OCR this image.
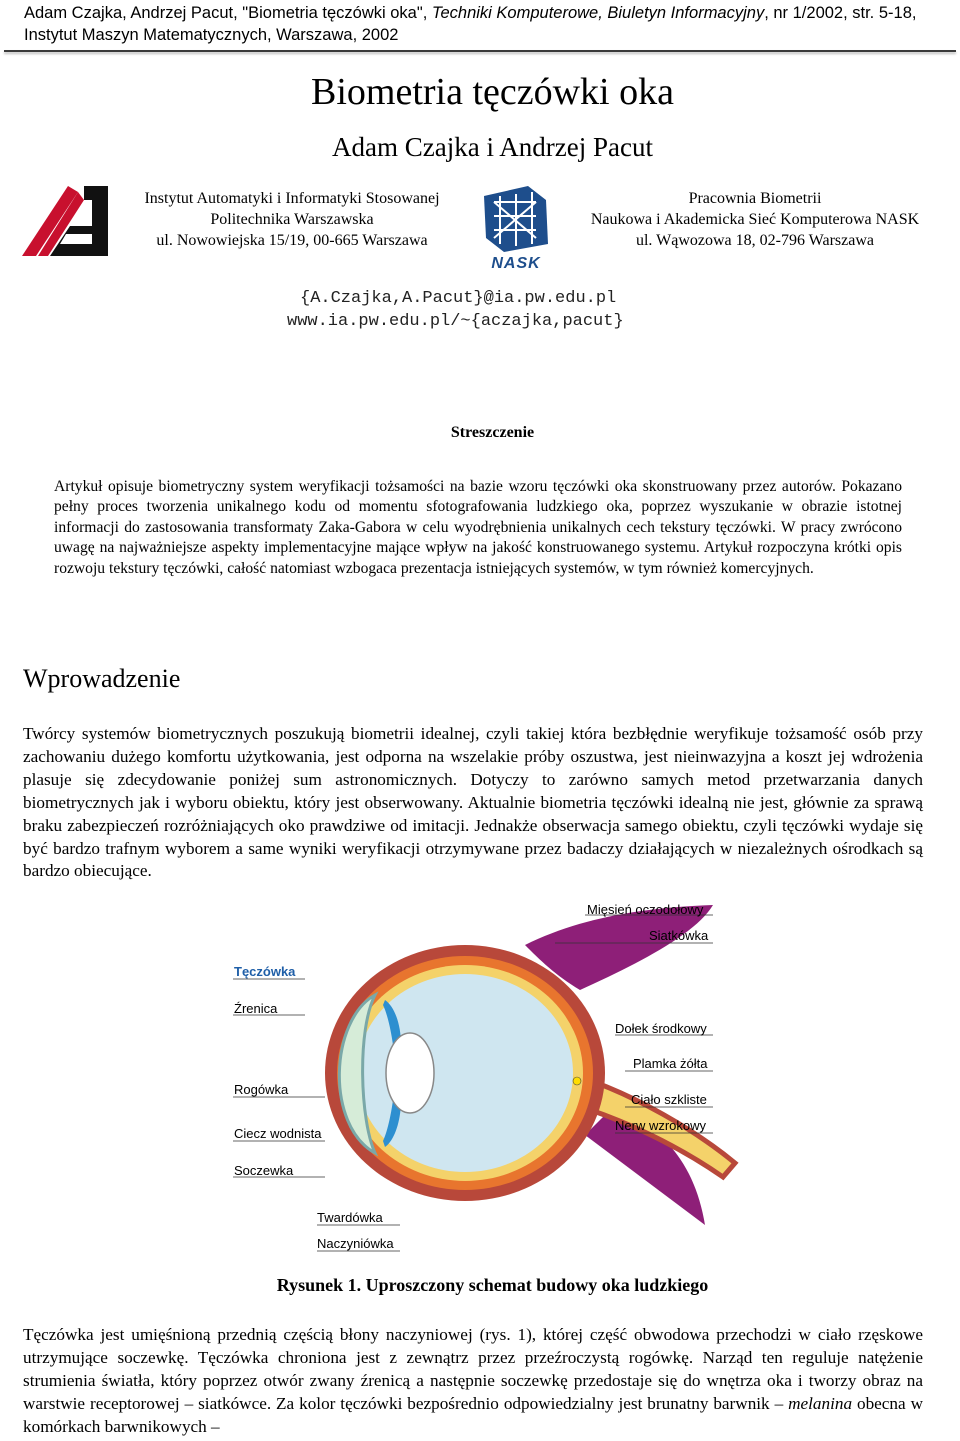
Adam Czajka, Andrzej Pacut, "Biometria tęczówki oka", Techniki Komputerowe, Biuletyn Informacyjny, nr 1/2002, str. 5-18, Instytut Maszyn Matematycznych, Warszawa, 2002
Biometria tęczówki oka
Adam Czajka i Andrzej Pacut
Instytut Automatyki i Informatyki Stosowanej
Politechnika Warszawska
ul. Nowowiejska 15/19, 00-665 Warszawa
NASK
Pracownia Biometrii
Naukowa i Akademicka Sieć Komputerowa NASK
ul. Wąwozowa 18, 02-796 Warszawa
{A.Czajka,A.Pacut}@ia.pw.edu.pl
www.ia.pw.edu.pl/~{aczajka,pacut}
Streszczenie
Artykuł opisuje biometryczny system weryfikacji tożsamości na bazie wzoru tęczówki oka skonstruowany przez autorów. Pokazano pełny proces tworzenia unikalnego kodu od momentu sfotografowania ludzkiego oka, poprzez wyszukanie w obrazie istotnej informacji do zastosowania transformaty Zaka-Gabora w celu wyodrębnienia unikalnych cech tekstury tęczówki. W pracy zwrócono uwagę na najważniejsze aspekty implementacyjne mające wpływ na jakość konstruowanego systemu. Artykuł rozpoczyna krótki opis rozwoju tekstury tęczówki, całość natomiast wzbogaca prezentacja istniejących systemów, w tym również komercyjnych.
Wprowadzenie
Twórcy systemów biometrycznych poszukują biometrii idealnej, czyli takiej która bezbłędnie weryfikuje tożsamość osób przy zachowaniu dużego komfortu użytkowania, jest odporna na wszelakie próby oszustwa, jest nieinwazyjna a koszt jej wdrożenia plasuje się zdecydowanie poniżej sum astronomicznych. Dotyczy to zarówno samych metod przetwarzania danych biometrycznych jak i wyboru obiektu, który jest obserwowany. Aktualnie biometria tęczówki idealną nie jest, głównie za sprawą braku zabezpieczeń rozróżniających oko prawdziwe od imitacji. Jednakże obserwacja samego obiektu, czyli tęczówki wydaje się być bardzo trafnym wyborem a same wyniki weryfikacji otrzymywane przez badaczy działających w niezależnych ośrodkach są bardzo obiecujące.
Mięsień oczodołowy
Siatkówka
Tęczówka
Źrenica
Dołek środkowy
Plamka żółta
Rogówka
Ciało szkliste
Ciecz wodnista
Nerw wzrokowy
Soczewka
Twardówka
Naczyniówka
Rysunek 1. Uproszczony schemat budowy oka ludzkiego
Tęczówka jest umięśnioną przednią częścią błony naczyniowej (rys. 1), której część obwodowa przechodzi w ciało rzęskowe utrzymujące soczewkę. Tęczówka chroniona jest z zewnątrz przez przeźroczystą rogówkę. Narząd ten reguluje natężenie strumienia światła, który poprzez otwór zwany źrenicą a następnie soczewkę przedostaje się do wnętrza oka i tworzy obraz na warstwie receptorowej – siatkówce. Za kolor tęczówki bezpośrednio odpowiedzialny jest brunatny barwnik – melanina obecna w komórkach barwnikowych –
